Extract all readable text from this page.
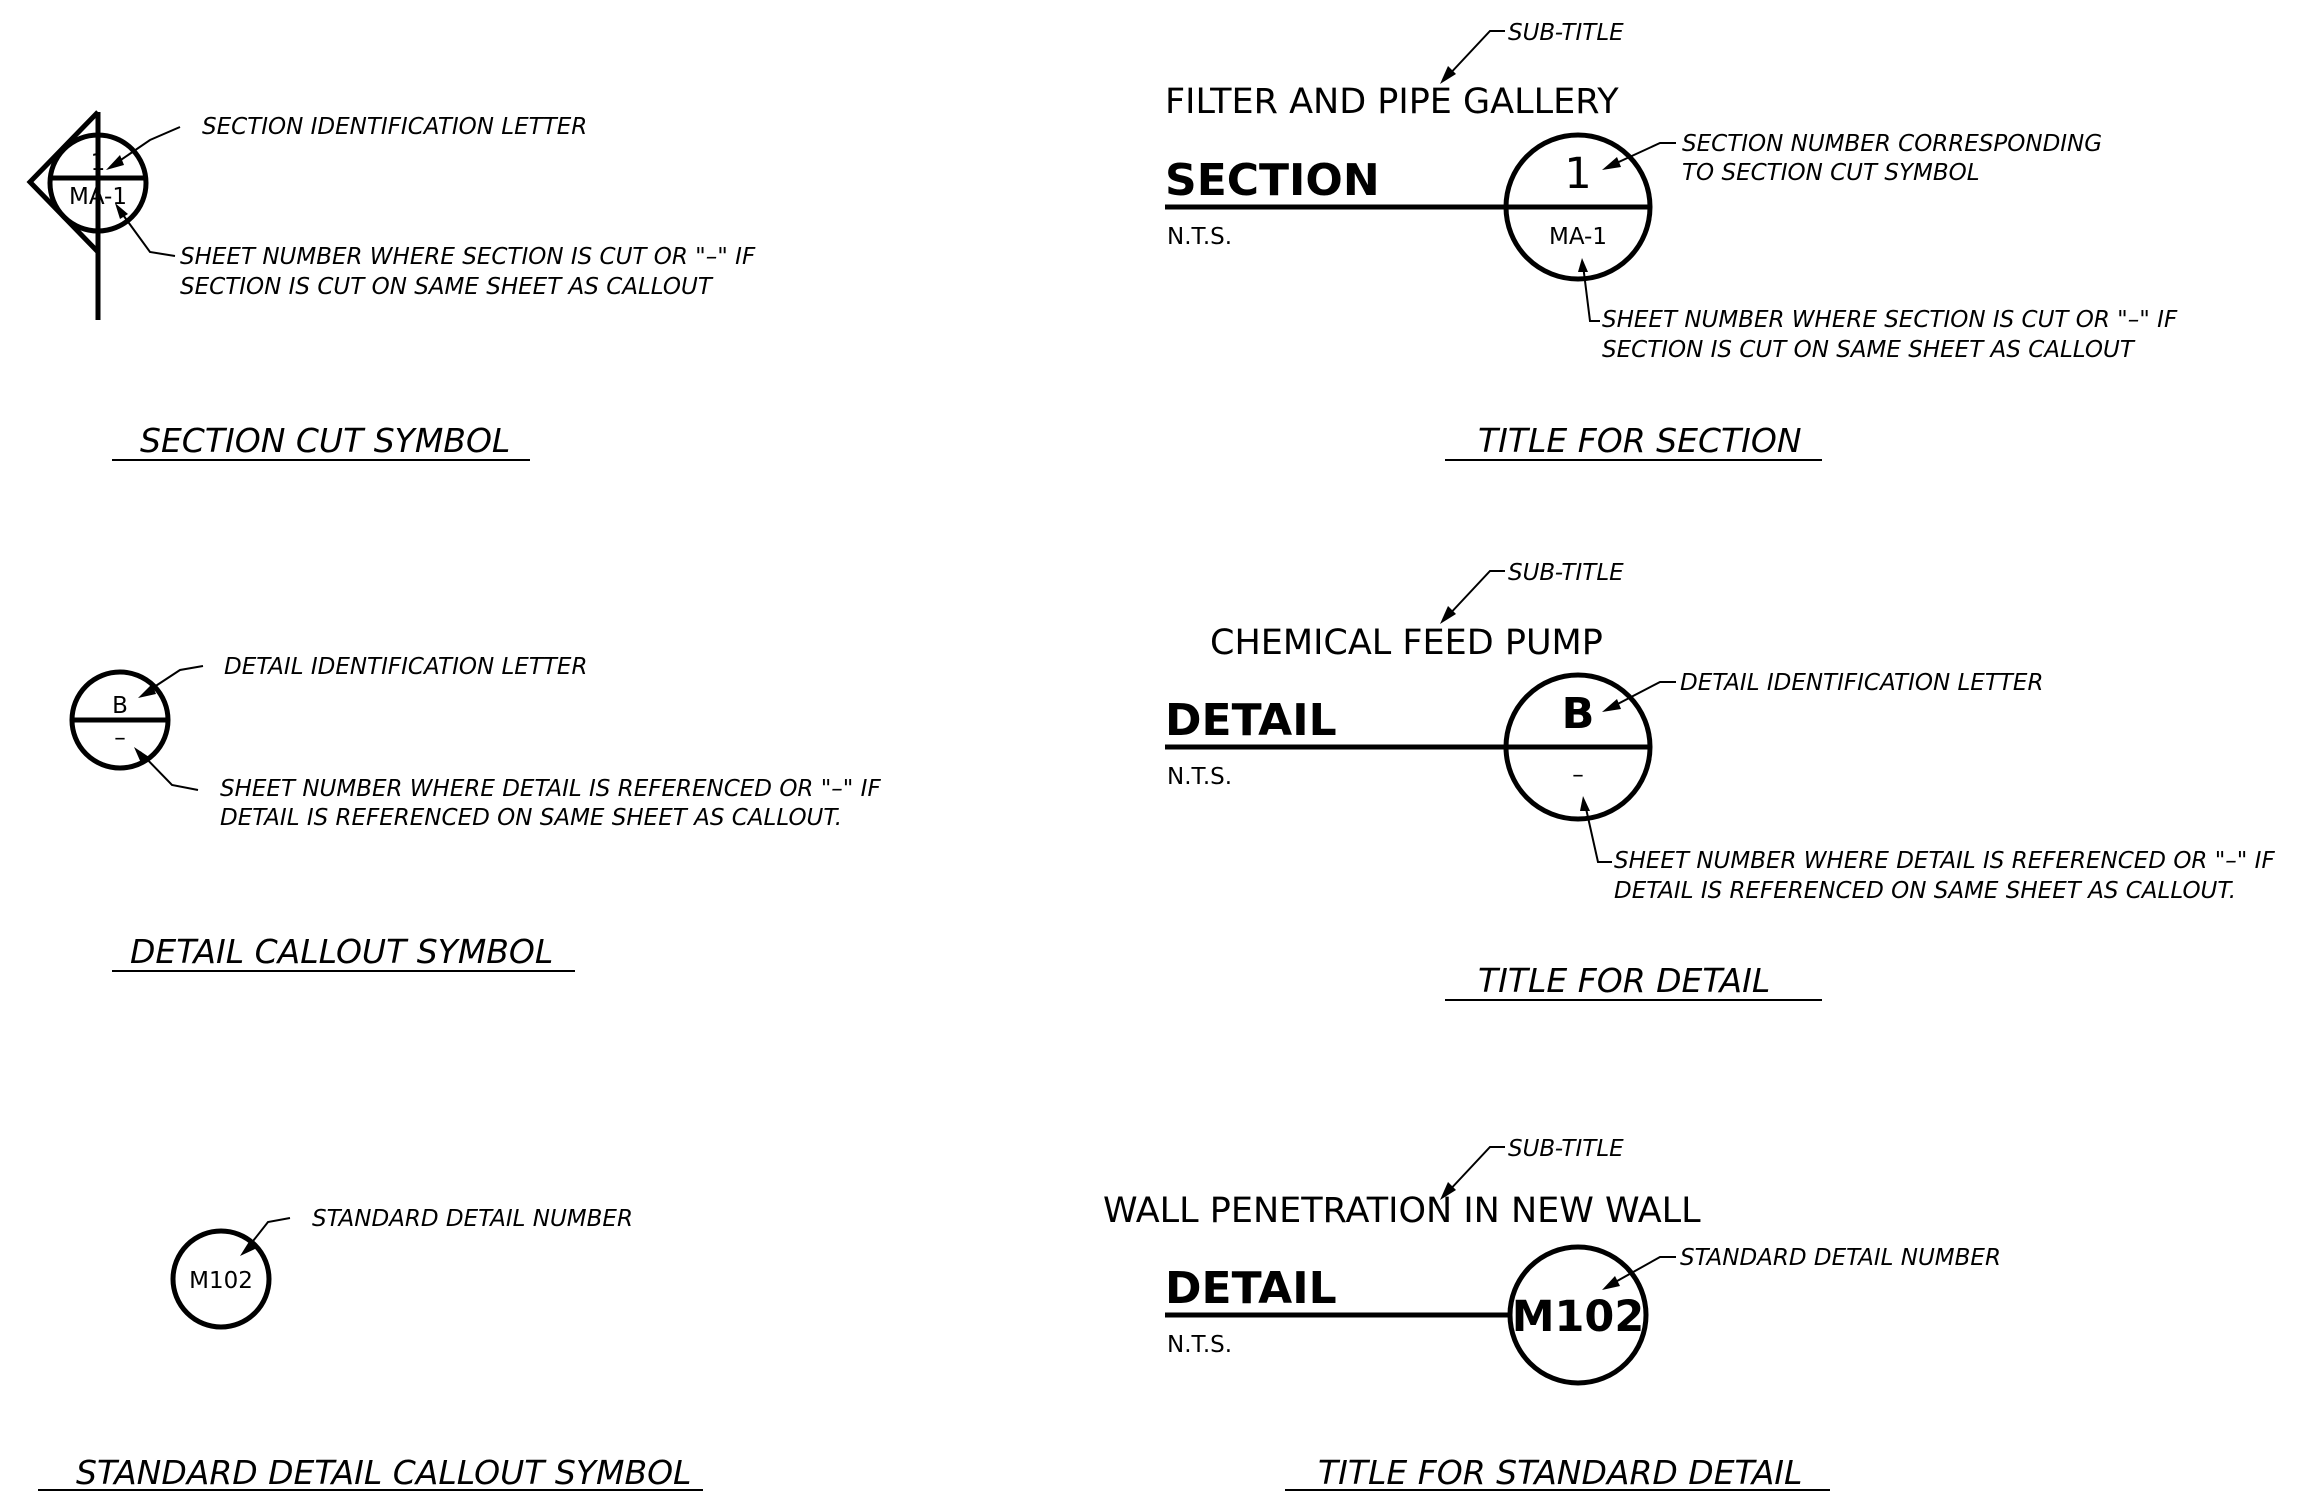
1
MA-1
SECTION IDENTIFICATION LETTER
SHEET NUMBER WHERE SECTION IS CUT OR "–" IF
SECTION IS CUT ON SAME SHEET AS CALLOUT
SECTION CUT SYMBOL
B
–
DETAIL IDENTIFICATION LETTER
SHEET NUMBER WHERE DETAIL IS REFERENCED OR "–" IF
DETAIL IS REFERENCED ON SAME SHEET AS CALLOUT.
DETAIL CALLOUT SYMBOL
M102
STANDARD DETAIL NUMBER
STANDARD DETAIL CALLOUT SYMBOL
SUB-TITLE
FILTER AND PIPE GALLERY
SECTION
N.T.S.
1
MA-1
SECTION NUMBER CORRESPONDING
TO SECTION CUT SYMBOL
SHEET NUMBER WHERE SECTION IS CUT OR "–" IF
SECTION IS CUT ON SAME SHEET AS CALLOUT
TITLE FOR SECTION
SUB-TITLE
CHEMICAL FEED PUMP
DETAIL
N.T.S.
B
–
DETAIL IDENTIFICATION LETTER
SHEET NUMBER WHERE DETAIL IS REFERENCED OR "–" IF
DETAIL IS REFERENCED ON SAME SHEET AS CALLOUT.
TITLE FOR DETAIL
SUB-TITLE
WALL PENETRATION IN NEW WALL
DETAIL
N.T.S.
M102
STANDARD DETAIL NUMBER
TITLE FOR STANDARD DETAIL
